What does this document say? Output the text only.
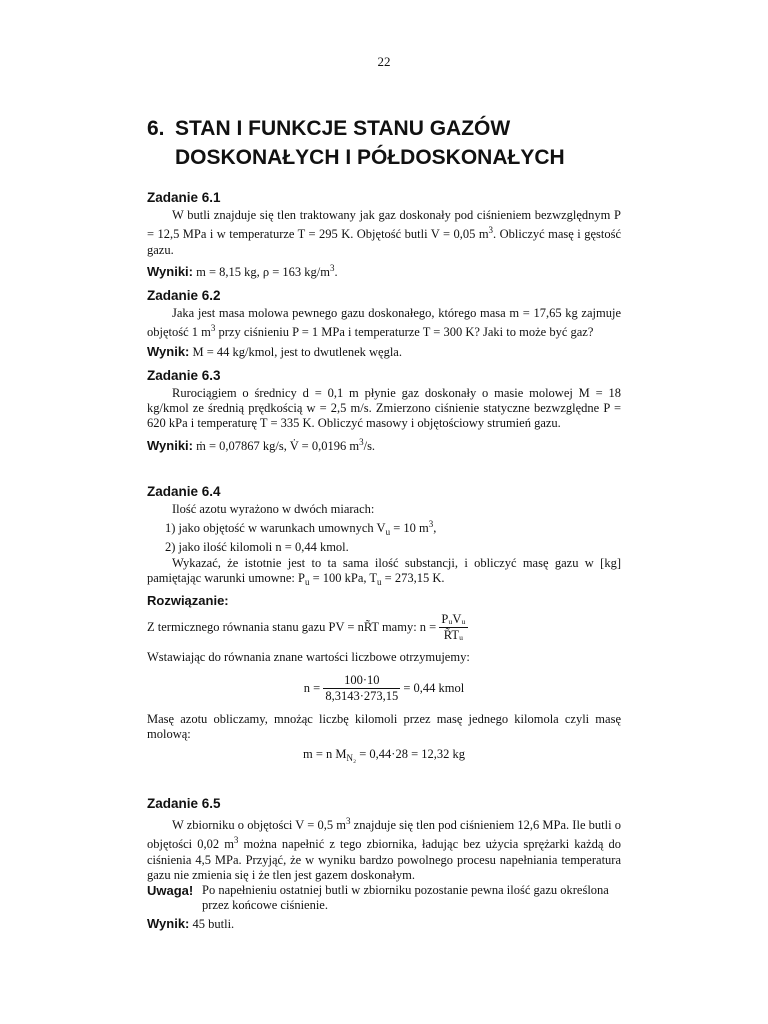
22
6. STAN I FUNKCJE STANU GAZÓW
DOSKONAŁYCH I PÓŁDOSKONAŁYCH
Zadanie 6.1

W butli znajduje się tlen traktowany jak gaz doskonały pod ciśnieniem bezwzględnym P = 12,5 MPa i w temperaturze T = 295 K. Objętość butli V = 0,05 $m^3$. Obliczyć masę i gęstość gazu.

Wyniki: m = 8,15 kg, ρ = 163 $kg/m^3$.
Zadanie 6.2

Jaka jest masa molowa pewnego gazu doskonałego, którego masa m = 17,65 kg zajmuje objętość 1 $m^3$ przy ciśnieniu P = 1 MPa i temperaturze T = 300 K? Jaki to może być gaz?

Wynik: M = 44 kg/kmol, jest to dwutlenek węgla.
Zadanie 6.3

Rurociągiem o średnicy d = 0,1 m płynie gaz doskonały o masie molowej M = 18 kg/kmol ze średnią prędkością w = 2,5 m/s. Zmierzono ciśnienie statyczne bezwzględne P = 620 kPa i temperaturę T = 335 K. Obliczyć masowy i objętościowy strumień gazu.

Wyniki: ṁ = 0,07867 kg/s, V̇ = 0,0196 $m^3/s$.
Zadanie 6.4

Ilość azotu wyrażono w dwóch miarach:

1) jako objętość w warunkach umownych $V_u = 10$ $m^3$,
2) jako ilość kilomoli n = 0,44 kmol.

Wykazać, że istotnie jest to ta sama ilość substancji, i obliczyć masę gazu w [kg] pamiętając warunki umowne: $P_u = 100$ kPa, $T_u = 273,15$ K.

Rozwiązanie:
Z termicznego równania stanu gazu PV = nR̃T mamy: n =
$\frac{\text{PᵤVᵤ}}{\text{R̃Tᵤ}}$

Wstawiając do równania znane wartości liczbowe otrzymujemy:

n =
$\frac{100\cdot 10}{8,3143\cdot 273,15}$
= 0,44 kmol

Masę azotu obliczamy, mnożąc liczbę kilomoli przez masę jednego kilomola czyli masę molową:

m = n $M_{N_2} = 0,44\cdot 28 = 12,32$ kg
Zadanie 6.5

W zbiorniku o objętości V = 0,5 $m^3$ znajduje się tlen pod ciśnieniem 12,6 MPa. Ile butli o objętości 0,02 $m^3$ można napełnić z tego zbiornika, ładując bez użycia sprężarki każdą do ciśnienia 4,5 MPa. Przyjąć, że w wyniku bardzo powolnego procesu napełniania temperatura gazu nie zmienia się i że tlen jest gazem doskonałym.

Uwaga! Po napełnieniu ostatniej butli w zbiorniku pozostanie pewna ilość gazu określona przez końcowe ciśnienie.
Wynik: 45 butli.
